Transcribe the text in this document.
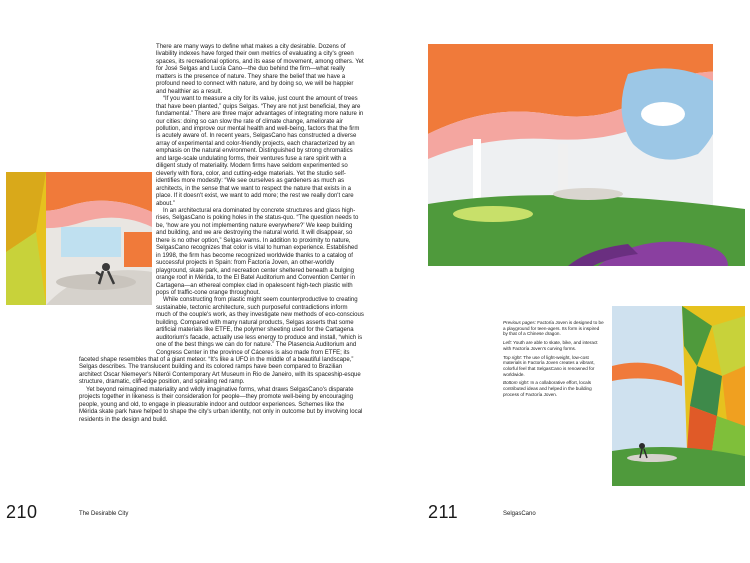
There are many ways to define what makes a city desirable. Dozens of livability indexes have forged their own metrics of evaluating a city's green spaces, its recreational options, and its ease of movement, among others. Yet for José Selgas and Lucía Cano—the duo behind the firm—what really matters is the presence of nature. They share the belief that we have a profound need to connect with nature, and by doing so, we will be happier and healthier as a result.

“If you want to measure a city for its value, just count the amount of trees that have been planted,” quips Selgas. “They are not just beneficial, they are fundamental.” There are three major advantages of integrating more nature in our cities: doing so can slow the rate of climate change, ameliorate air pollution, and improve our mental health and well-being, factors that the firm is acutely aware of. In recent years, SelgasCano has constructed a diverse array of experimental and color-friendly projects, each characterized by an emphasis on the natural environment. Distinguished by strong chromatics and large-scale undulating forms, their ventures fuse a rare spirit with a diligent study of materiality. Modern firms have seldom experimented so cleverly with flora, color, and cutting-edge materials. Yet the studio self-identifies more modestly: “We see ourselves as gardeners as much as architects, in the sense that we want to respect the nature that exists in a place. If it doesn't exist, we want to add more; the rest we really don't care about.”

In an architectural era dominated by concrete structures and glass high-rises, SelgasCano is poking holes in the status-quo. “The question needs to be, ‘how are you not implementing nature everywhere?’ We keep building and building, and we are destroying the natural world. It will disappear, so there is no other option,” Selgas warns. In addition to proximity to nature, SelgasCano recognizes that color is vital to human experience. Established in 1998, the firm has become recognized worldwide thanks to a catalog of successful projects in Spain: from Factoría Joven, an other-worldly playground, skate park, and recreation center sheltered beneath a bulging orange roof in Mérida, to the El Batel Auditorium and Convention Center in Cartagena—an ethereal complex clad in opalescent high-tech plastic with pops of traffic-cone orange throughout.

While constructing from plastic might seem counterproductive to creating sustainable, tectonic architecture, such purposeful contradictions inform much of the couple's work, as they investigate new methods of eco-conscious building. Compared with many natural products, Selgas asserts that some artificial materials like ETFE, the polymer sheeting used for the Cartagena auditorium's facade, actually use less energy to produce and install, “which is one of the best things we can do for nature.” The Plasencia Auditorium and Congress Center in the province of Cáceres is also made from ETFE; its faceted shape resembles that of a giant meteor. “It's like a UFO in the middle of a beautiful landscape,” Selgas describes. The translucent building and its colored ramps have been compared to Brazilian architect Oscar Niemeyer's Niterói Contemporary Art Museum in Rio de Janeiro, with its spaceship-esque structure, dramatic, cliff-edge position, and spiraling red ramp.

Yet beyond reimagined materiality and wildly imaginative forms, what draws SelgasCano's disparate projects together in likeness is their consideration for people—they promote well-being by encouraging people, young and old, to engage in pleasurable indoor and outdoor experiences. Schemes like the Mérida skate park have helped to shape the city's urban identity, not only in outcome but by involving local residents in the design and build.

210	The Desirable City

Previous pages: Factoría Joven is designed to be a playground for teen-agers. Its form is inspired by that of a Chinese dragon.

Left: Youth are able to skate, bike, and interact with Factoría Joven's curving forms.

Top right: The use of light-weight, low-cost materials in Factoría Joven creates a vibrant, colorful feel that SelgasCano is renowned for worldwide.

Bottom right: In a collaborative effort, locals contributed ideas and helped in the building process of Factoría Joven.

211	SelgasCano
